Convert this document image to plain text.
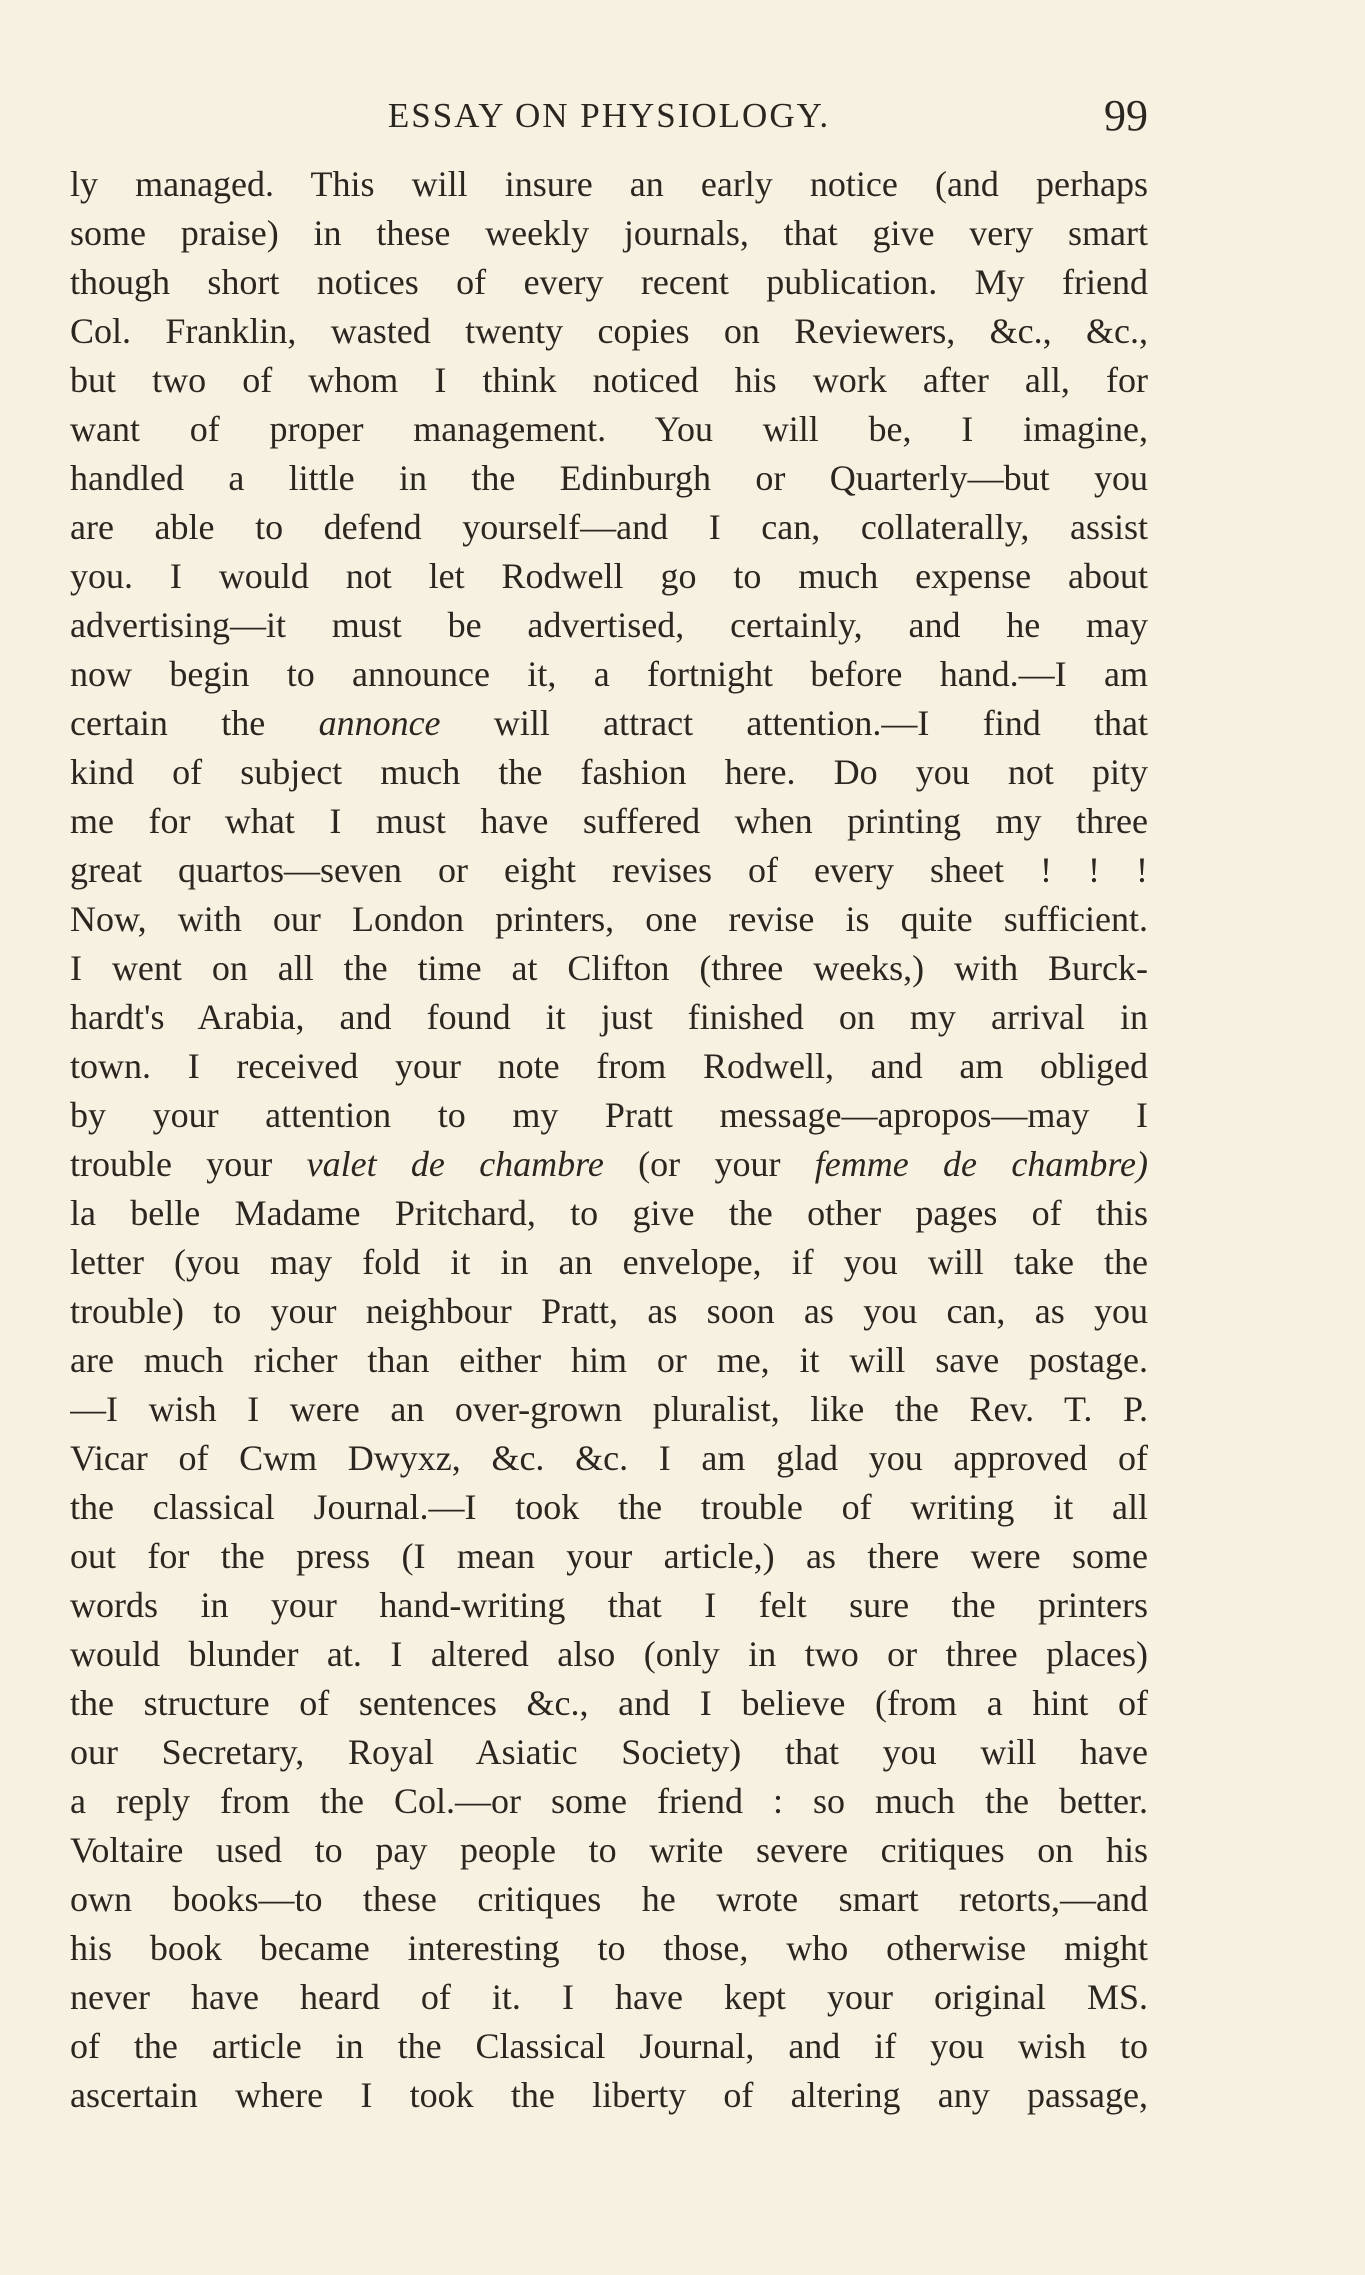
ESSAY ON PHYSIOLOGY.	99
ly managed. This will insure an early notice (and perhaps
some praise) in these weekly journals, that give very smart
though short notices of every recent publication. My friend
Col. Franklin, wasted twenty copies on Reviewers, &c., &c.,
but two of whom I think noticed his work after all, for
want of proper management. You will be, I imagine,
handled a little in the Edinburgh or Quarterly—but you
are able to defend yourself—and I can, collaterally, assist
you. I would not let Rodwell go to much expense about
advertising—it must be advertised, certainly, and he may
now begin to announce it, a fortnight before hand.—I am
certain the annonce will attract attention.—I find that
kind of subject much the fashion here. Do you not pity
me for what I must have suffered when printing my three
great quartos—seven or eight revises of every sheet ! ! !
Now, with our London printers, one revise is quite sufficient.
I went on all the time at Clifton (three weeks,) with Burck-
hardt's Arabia, and found it just finished on my arrival in
town. I received your note from Rodwell, and am obliged
by your attention to my Pratt message—apropos—may I
trouble your valet de chambre (or your femme de chambre)
la belle Madame Pritchard, to give the other pages of this
letter (you may fold it in an envelope, if you will take the
trouble) to your neighbour Pratt, as soon as you can, as you
are much richer than either him or me, it will save postage.
—I wish I were an over-grown pluralist, like the Rev. T. P.
Vicar of Cwm Dwyxz, &c. &c. I am glad you approved of
the classical Journal.—I took the trouble of writing it all
out for the press (I mean your article,) as there were some
words in your hand-writing that I felt sure the printers
would blunder at. I altered also (only in two or three places)
the structure of sentences &c., and I believe (from a hint of
our Secretary, Royal Asiatic Society) that you will have
a reply from the Col.—or some friend : so much the better.
Voltaire used to pay people to write severe critiques on his
own books—to these critiques he wrote smart retorts,—and
his book became interesting to those, who otherwise might
never have heard of it. I have kept your original MS.
of the article in the Classical Journal, and if you wish to
ascertain where I took the liberty of altering any passage,
